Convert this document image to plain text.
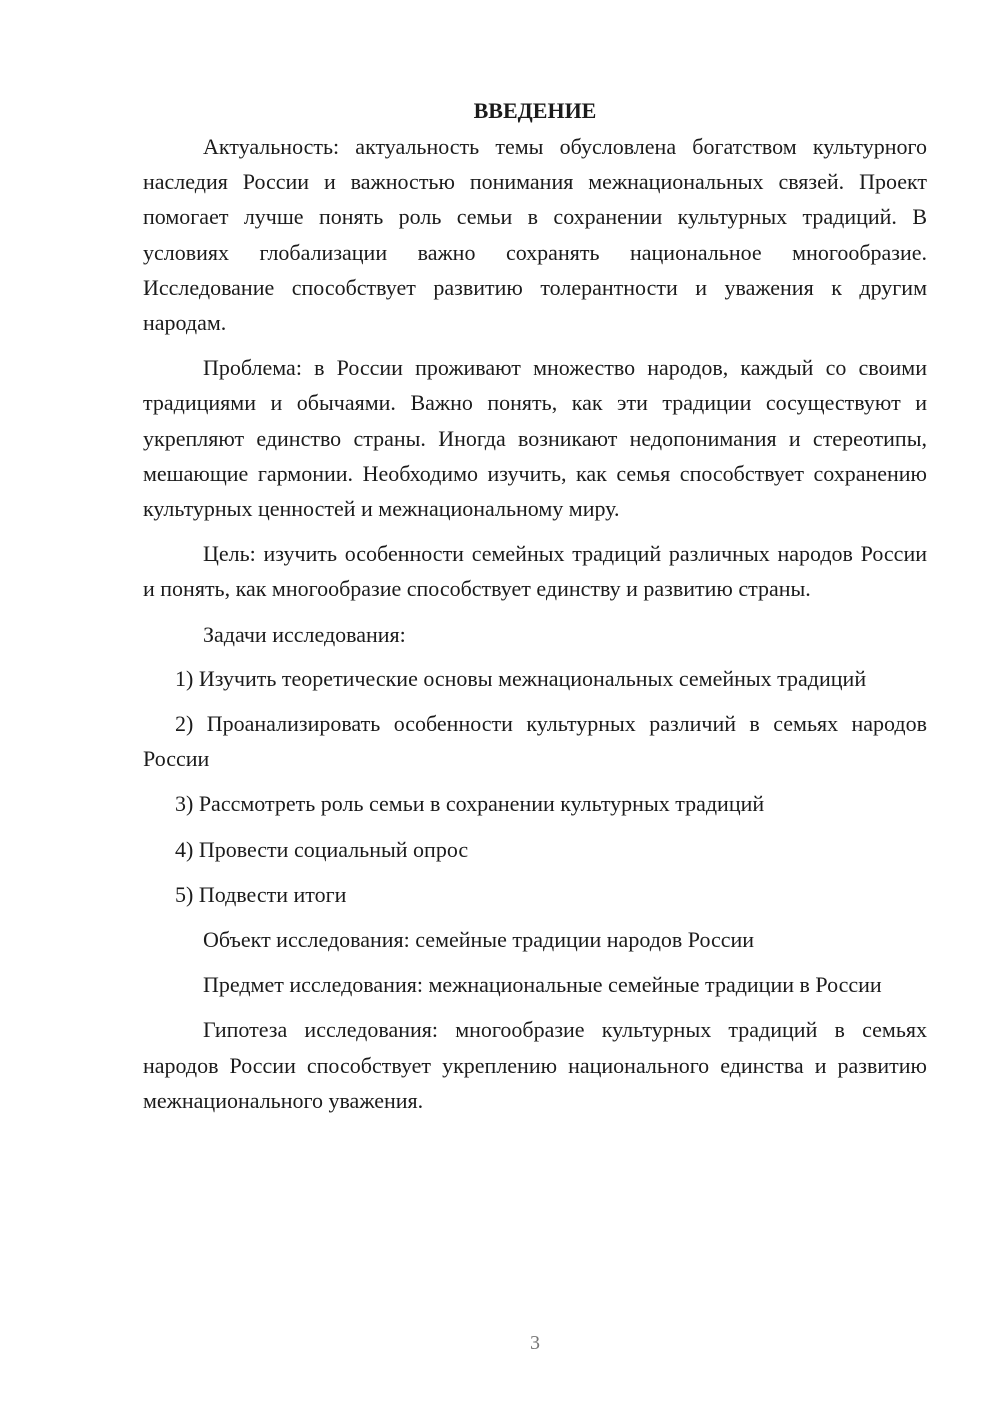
ВВЕДЕНИЕ

Актуальность: актуальность темы обусловлена богатством культурного наследия России и важностью понимания межнациональных связей. Проект помогает лучше понять роль семьи в сохранении культурных традиций. В условиях глобализации важно сохранять национальное многообразие. Исследование способствует развитию толерантности и уважения к другим народам.

Проблема: в России проживают множество народов, каждый со своими традициями и обычаями. Важно понять, как эти традиции сосуществуют и укрепляют единство страны. Иногда возникают недопонимания и стереотипы, мешающие гармонии. Необходимо изучить, как семья способствует сохранению культурных ценностей и межнациональному миру.

Цель: изучить особенности семейных традиций различных народов России и понять, как многообразие способствует единству и развитию страны.

Задачи исследования:

1) Изучить теоретические основы межнациональных семейных традиций

2) Проанализировать особенности культурных различий в семьях народов России

3) Рассмотреть роль семьи в сохранении культурных традиций

4) Провести социальный опрос

5) Подвести итоги

Объект исследования: семейные традиции народов России

Предмет исследования: межнациональные семейные традиции в России

Гипотеза исследования: многообразие культурных традиций в семьях народов России способствует укреплению национального единства и развитию межнационального уважения.

3
